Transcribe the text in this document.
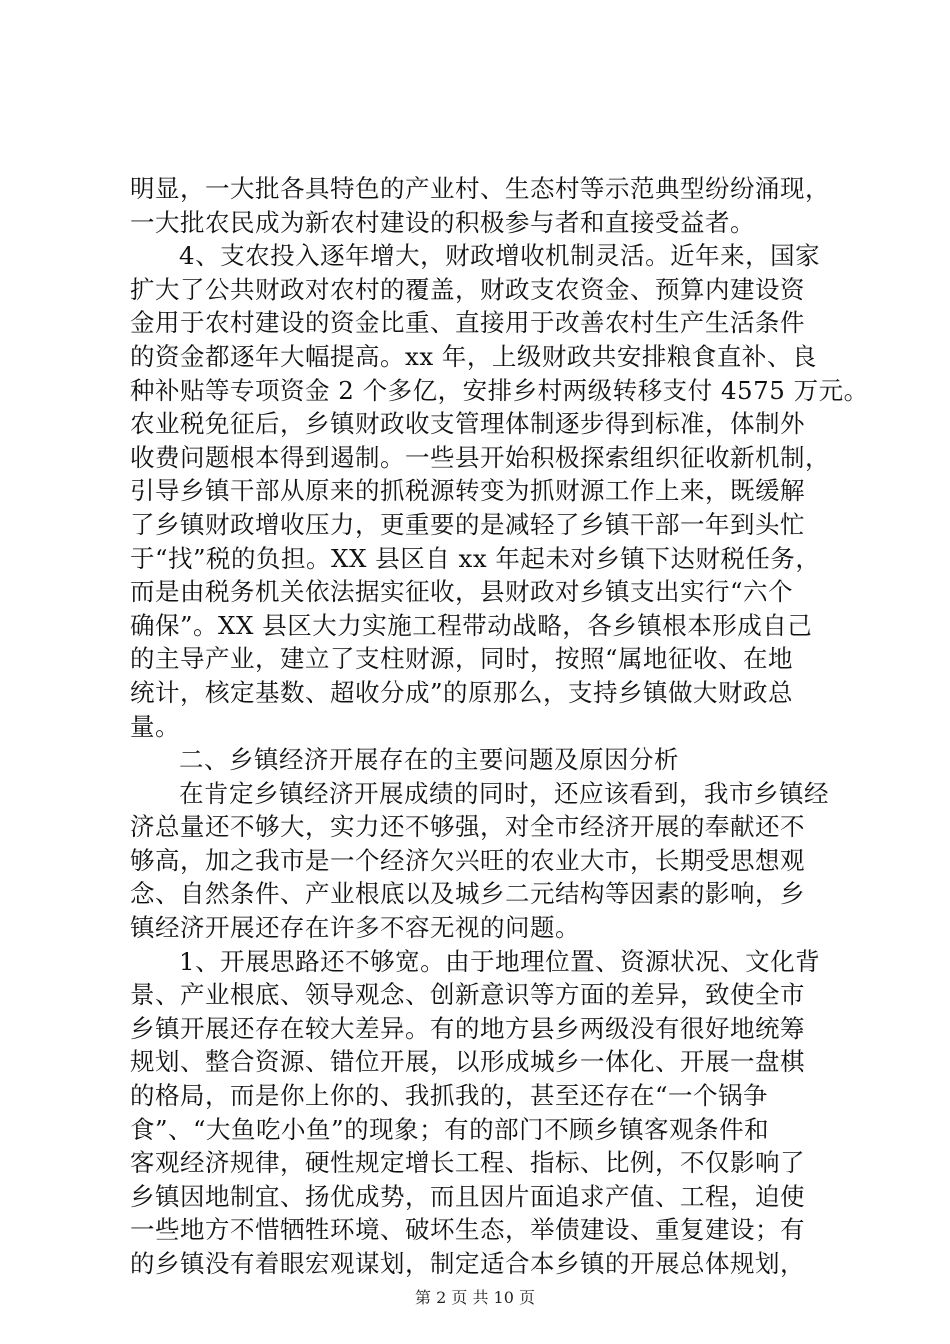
明显，一大批各具特色的产业村、生态村等示范典型纷纷涌现，
一大批农民成为新农村建设的积极参与者和直接受益者。
4、支农投入逐年增大，财政增收机制灵活。近年来，国家
扩大了公共财政对农村的覆盖，财政支农资金、预算内建设资
金用于农村建设的资金比重、直接用于改善农村生产生活条件
的资金都逐年大幅提高。xx 年，上级财政共安排粮食直补、良
种补贴等专项资金 2 个多亿，安排乡村两级转移支付 4575 万元。
农业税免征后，乡镇财政收支管理体制逐步得到标准，体制外
收费问题根本得到遏制。一些县开始积极探索组织征收新机制，
引导乡镇干部从原来的抓税源转变为抓财源工作上来，既缓解
了乡镇财政增收压力，更重要的是减轻了乡镇干部一年到头忙
于“找”税的负担。XX 县区自 xx 年起未对乡镇下达财税任务，
而是由税务机关依法据实征收，县财政对乡镇支出实行“六个
确保”。XX 县区大力实施工程带动战略，各乡镇根本形成自己
的主导产业，建立了支柱财源，同时，按照“属地征收、在地
统计，核定基数、超收分成”的原那么，支持乡镇做大财政总
量。
二、乡镇经济开展存在的主要问题及原因分析
在肯定乡镇经济开展成绩的同时，还应该看到，我市乡镇经
济总量还不够大，实力还不够强，对全市经济开展的奉献还不
够高，加之我市是一个经济欠兴旺的农业大市，长期受思想观
念、自然条件、产业根底以及城乡二元结构等因素的影响，乡
镇经济开展还存在许多不容无视的问题。
1、开展思路还不够宽。由于地理位置、资源状况、文化背
景、产业根底、领导观念、创新意识等方面的差异，致使全市
乡镇开展还存在较大差异。有的地方县乡两级没有很好地统筹
规划、整合资源、错位开展，以形成城乡一体化、开展一盘棋
的格局，而是你上你的、我抓我的，甚至还存在“一个锅争
食”、“大鱼吃小鱼”的现象；有的部门不顾乡镇客观条件和
客观经济规律，硬性规定增长工程、指标、比例，不仅影响了
乡镇因地制宜、扬优成势，而且因片面追求产值、工程，迫使
一些地方不惜牺牲环境、破坏生态，举债建设、重复建设；有
的乡镇没有着眼宏观谋划，制定适合本乡镇的开展总体规划，
第 2 页 共 10 页
